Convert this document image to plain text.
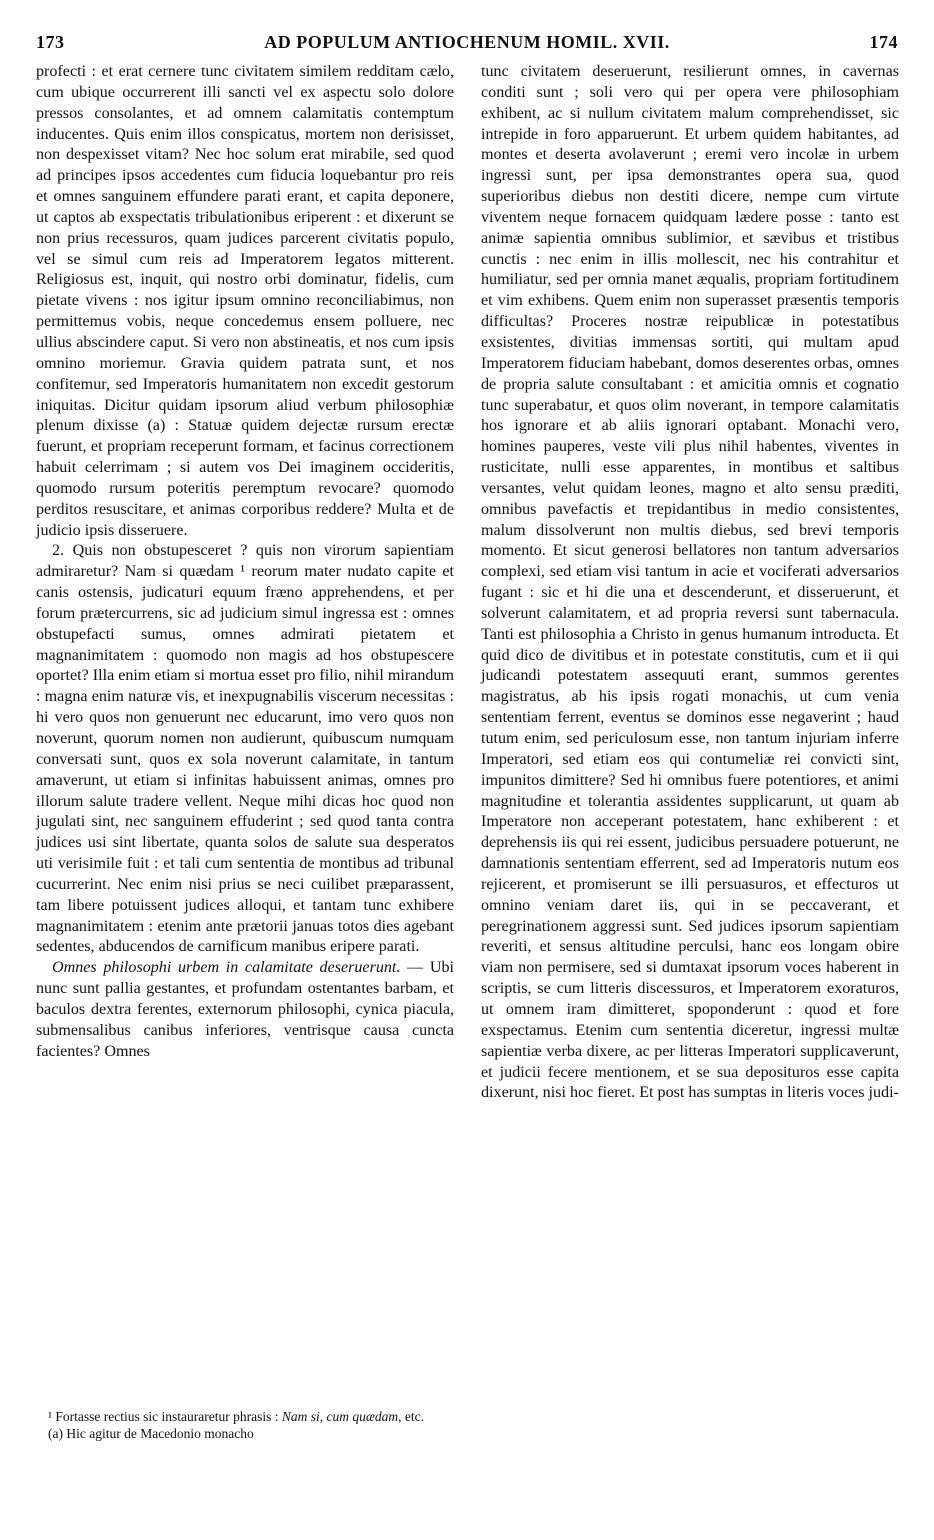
173	AD POPULUM ANTIOCHENUM HOMIL. XVII.	174

profecti : et erat cernere tunc civitatem similem redditam cælo, cum ubique occurrerent illi sancti vel ex aspectu solo dolore pressos consolantes, et ad omnem calamitatis contemptum inducentes. Quis enim illos conspicatus, mortem non derisisset, non despexisset vitam? Nec hoc solum erat mirabile, sed quod ad principes ipsos accedentes cum fiducia loquebantur pro reis et omnes sanguinem effundere parati erant, et capita deponere, ut captos ab exspectatis tribulationibus eriperent : et dixerunt se non prius recessuros, quam judices parcerent civitatis populo, vel se simul cum reis ad Imperatorem legatos mitterent. Religiosus est, inquit, qui nostro orbi dominatur, fidelis, cum pietate vivens : nos igitur ipsum omnino reconciliabimus, non permittemus vobis, neque concedemus ensem polluere, nec ullius abscindere caput. Si vero non abstineatis, et nos cum ipsis omnino moriemur. Gravia quidem patrata sunt, et nos confitemur, sed Imperatoris humanitatem non excedit gestorum iniquitas. Dicitur quidam ipsorum aliud verbum philosophiæ plenum dixisse (a) : Statuæ quidem dejectæ rursum erectæ fuerunt, et propriam receperunt formam, et facinus correctionem habuit celerrimam ; si autem vos Dei imaginem occideritis, quomodo rursum poteritis peremptum revocare? quomodo perditos resuscitare, et animas corporibus reddere? Multa et de judicio ipsis disseruere.

2. Quis non obstupesceret ? quis non virorum sapientiam admiraretur? Nam si quædam ¹ reorum mater nudato capite et canis ostensis, judicaturi equum fræno apprehendens, et per forum prætercurrens, sic ad judicium simul ingressa est : omnes obstupefacti sumus, omnes admirati pietatem et magnanimitatem : quomodo non magis ad hos obstupescere oportet? Illa enim etiam si mortua esset pro filio, nihil mirandum : magna enim naturæ vis, et inexpugnabilis viscerum necessitas : hi vero quos non genuerunt nec educarunt, imo vero quos non noverunt, quorum nomen non audierunt, quibuscum numquam conversati sunt, quos ex sola noverunt calamitate, in tantum amaverunt, ut etiam si infinitas habuissent animas, omnes pro illorum salute tradere vellent. Neque mihi dicas hoc quod non jugulati sint, nec sanguinem effuderint ; sed quod tanta contra judices usi sint libertate, quanta solos de salute sua desperatos uti verisimile fuit : et tali cum sententia de montibus ad tribunal cucurrerint. Nec enim nisi prius se neci cuilibet præparassent, tam libere potuissent judices alloqui, et tantam tunc exhibere magnanimitatem : etenim ante prætorii januas totos dies agebant sedentes, abducendos de carnificum manibus eripere parati.

Omnes philosophi urbem in calamitate deseruerunt. — Ubi nunc sunt pallia gestantes, et profundam ostentantes barbam, et baculos dextra ferentes, externorum philosophi, cynica piacula, submensalibus canibus inferiores, ventrisque causa cuncta facientes? Omnes

¹ Fortasse rectius sic instauraretur phrasis : Nam si, cum quædam, etc.

(a) Hic agitur de Macedonio monacho

tunc civitatem deseruerunt, resilierunt omnes, in cavernas conditi sunt ; soli vero qui per opera vere philosophiam exhibent, ac si nullum civitatem malum comprehendisset, sic intrepide in foro apparuerunt. Et urbem quidem habitantes, ad montes et deserta avolaverunt ; eremi vero incolæ in urbem ingressi sunt, per ipsa demonstrantes opera sua, quod superioribus diebus non destiti dicere, nempe cum virtute viventem neque fornacem quidquam lædere posse : tanto est animæ sapientia omnibus sublimior, et sævibus et tristibus cunctis : nec enim in illis mollescit, nec his contrahitur et humiliatur, sed per omnia manet æqualis, propriam fortitudinem et vim exhibens. Quem enim non superasset præsentis temporis difficultas? Proceres nostræ reipublicæ in potestatibus exsistentes, divitias immensas sortiti, qui multam apud Imperatorem fiduciam habebant, domos deserentes orbas, omnes de propria salute consultabant : et amicitia omnis et cognatio tunc superabatur, et quos olim noverant, in tempore calamitatis hos ignorare et ab aliis ignorari optabant. Monachi vero, homines pauperes, veste vili plus nihil habentes, viventes in rusticitate, nulli esse apparentes, in montibus et saltibus versantes, velut quidam leones, magno et alto sensu præditi, omnibus pavefactis et trepidantibus in medio consistentes, malum dissolverunt non multis diebus, sed brevi temporis momento. Et sicut generosi bellatores non tantum adversarios complexi, sed etiam visi tantum in acie et vociferati adversarios fugant : sic et hi die una et descenderunt, et disseruerunt, et solverunt calamitatem, et ad propria reversi sunt tabernacula. Tanti est philosophia a Christo in genus humanum introducta. Et quid dico de divitibus et in potestate constitutis, cum et ii qui judicandi potestatem assequuti erant, summos gerentes magistratus, ab his ipsis rogati monachis, ut cum venia sententiam ferrent, eventus se dominos esse negaverint ; haud tutum enim, sed periculosum esse, non tantum injuriam inferre Imperatori, sed etiam eos qui contumeliæ rei convicti sint, impunitos dimittere? Sed hi omnibus fuere potentiores, et animi magnitudine et tolerantia assidentes supplicarunt, ut quam ab Imperatore non acceperant potestatem, hanc exhiberent : et deprehensis iis qui rei essent, judicibus persuadere potuerunt, ne damnationis sententiam efferrent, sed ad Imperatoris nutum eos rejicerent, et promiserunt se illi persuasuros, et effecturos ut omnino veniam daret iis, qui in se peccaverant, et peregrinationem aggressi sunt. Sed judices ipsorum sapientiam reveriti, et sensus altitudine perculsi, hanc eos longam obire viam non permisere, sed si dumtaxat ipsorum voces haberent in scriptis, se cum litteris discessuros, et Imperatorem exoraturos, ut omnem iram dimitteret, spoponderunt : quod et fore exspectamus. Etenim cum sententia diceretur, ingressi multæ sapientiæ verba dixere, ac per litteras Imperatori supplicaverunt, et judicii fecere mentionem, et se sua deposituros esse capita dixerunt, nisi hoc fieret. Et post has sumptas in literis voces judi-
